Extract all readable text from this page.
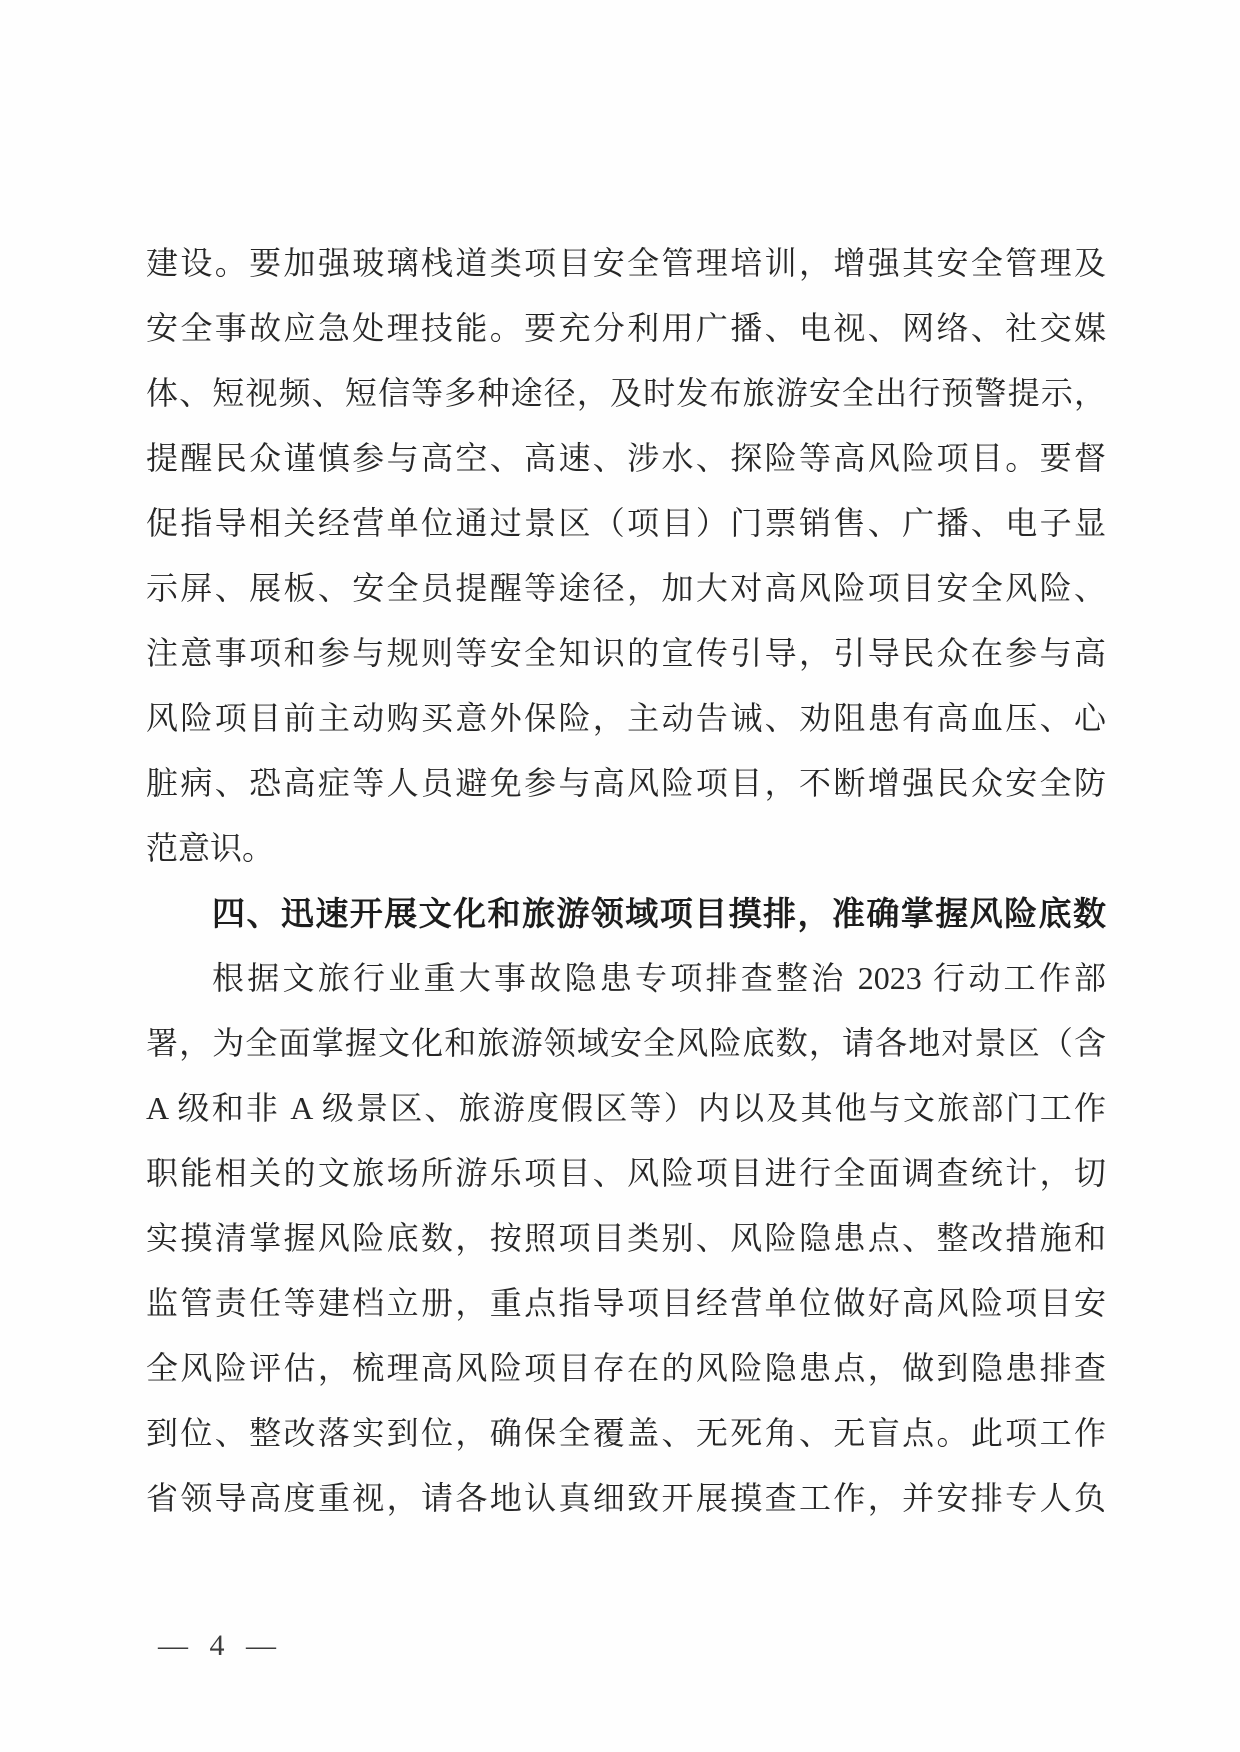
建设。要加强玻璃栈道类项目安全管理培训，增强其安全管理及
安全事故应急处理技能。要充分利用广播、电视、网络、社交媒
体、短视频、短信等多种途径，及时发布旅游安全出行预警提示，
提醒民众谨慎参与高空、高速、涉水、探险等高风险项目。要督
促指导相关经营单位通过景区（项目）门票销售、广播、电子显
示屏、展板、安全员提醒等途径，加大对高风险项目安全风险、
注意事项和参与规则等安全知识的宣传引导，引导民众在参与高
风险项目前主动购买意外保险，主动告诫、劝阻患有高血压、心
脏病、恐高症等人员避免参与高风险项目，不断增强民众安全防
范意识。
四、迅速开展文化和旅游领域项目摸排，准确掌握风险底数
根据文旅行业重大事故隐患专项排查整治 2023 行动工作部
署，为全面掌握文化和旅游领域安全风险底数，请各地对景区（含
A 级和非 A 级景区、旅游度假区等）内以及其他与文旅部门工作
职能相关的文旅场所游乐项目、风险项目进行全面调查统计，切
实摸清掌握风险底数，按照项目类别、风险隐患点、整改措施和
监管责任等建档立册，重点指导项目经营单位做好高风险项目安
全风险评估，梳理高风险项目存在的风险隐患点，做到隐患排查
到位、整改落实到位，确保全覆盖、无死角、无盲点。此项工作
省领导高度重视，请各地认真细致开展摸查工作，并安排专人负
— 4 —
